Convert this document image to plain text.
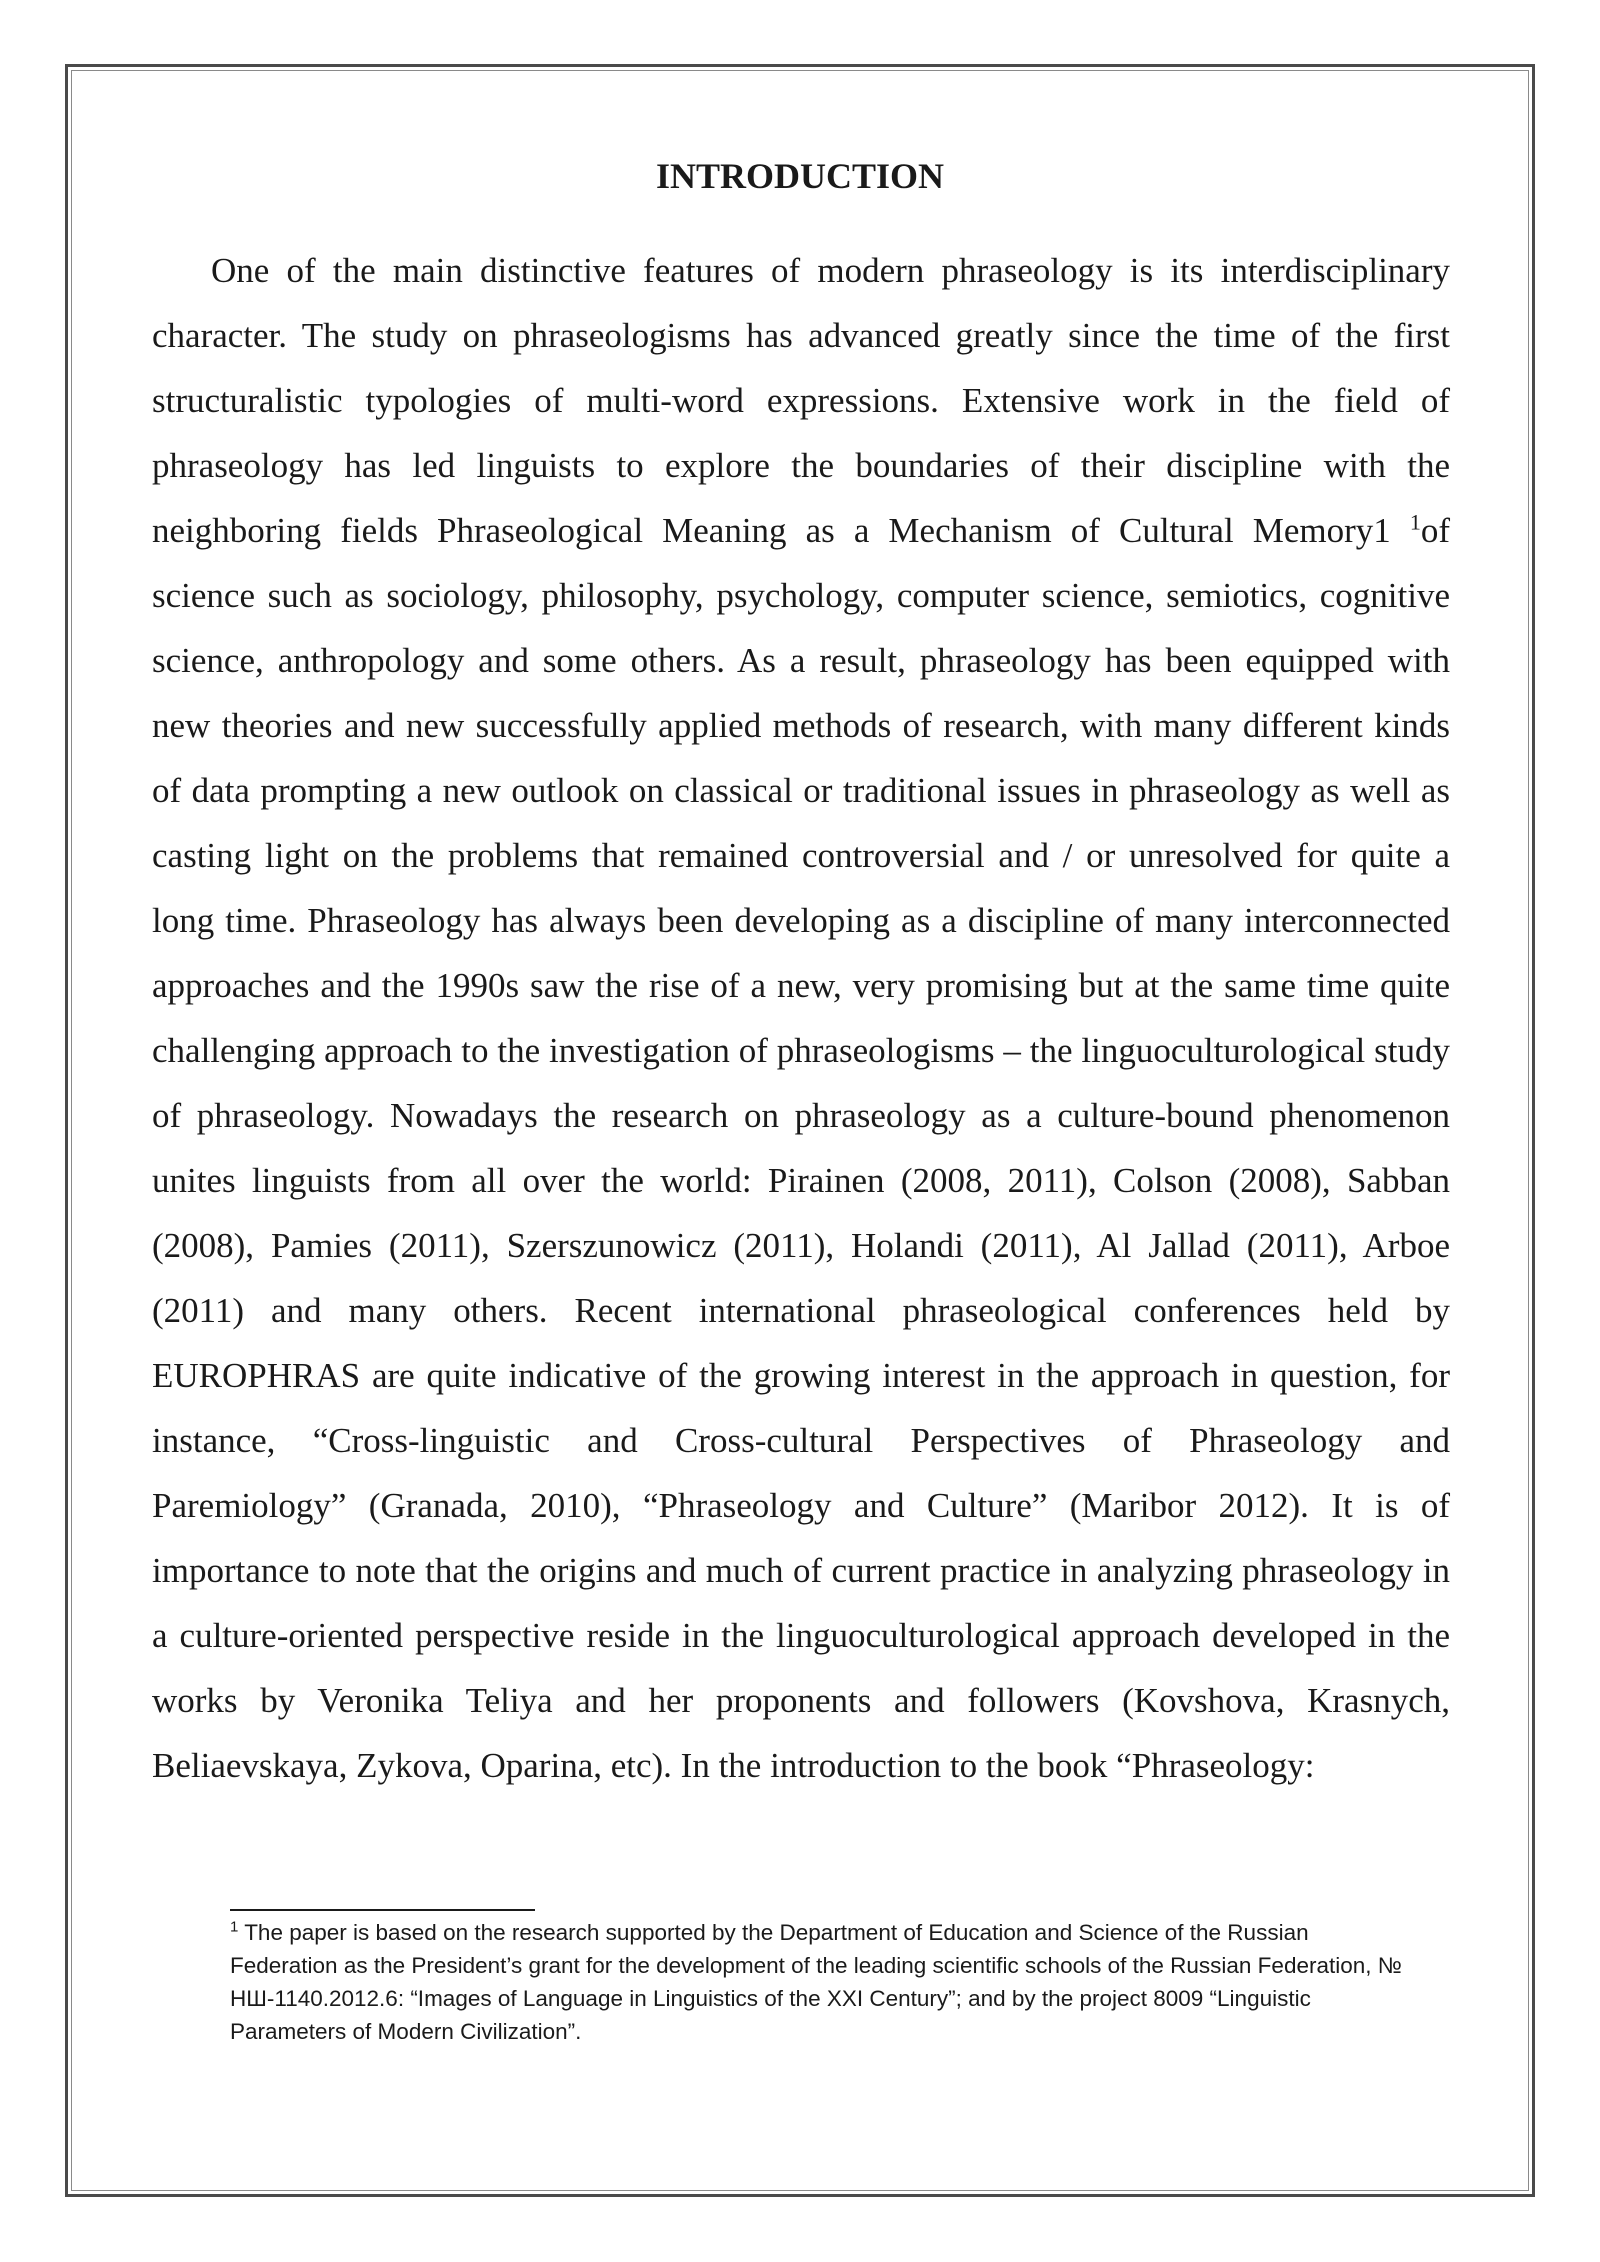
INTRODUCTION

One of the main distinctive features of modern phraseology is its interdisciplinary character. The study on phraseologisms has advanced greatly since the time of the first structuralistic typologies of multi-word expressions. Extensive work in the field of phraseology has led linguists to explore the boundaries of their discipline with the neighboring fields Phraseological Meaning as a Mechanism of Cultural Memory1 $^1$of science such as sociology, philosophy, psychology, computer science, semiotics, cognitive science, anthropology and some others. As a result, phraseology has been equipped with new theories and new successfully applied methods of research, with many different kinds of data prompting a new outlook on classical or traditional issues in phraseology as well as casting light on the problems that remained controversial and / or unresolved for quite a long time. Phraseology has always been developing as a discipline of many interconnected approaches and the 1990s saw the rise of a new, very promising but at the same time quite challenging approach to the investigation of phraseologisms – the linguoculturological study of phraseology. Nowadays the research on phraseology as a culture-bound phenomenon unites linguists from all over the world: Pirainen (2008, 2011), Colson (2008), Sabban (2008), Pamies (2011), Szerszunowicz (2011), Holandi (2011), Al Jallad (2011), Arboe (2011) and many others. Recent international phraseological conferences held by EUROPHRAS are quite indicative of the growing interest in the approach in question, for instance, “Cross-linguistic and Cross-cultural Perspectives of Phraseology and Paremiology” (Granada, 2010), “Phraseology and Culture” (Maribor 2012). It is of importance to note that the origins and much of current practice in analyzing phraseology in a culture-oriented perspective reside in the linguoculturological approach developed in the works by Veronika Teliya and her proponents and followers (Kovshova, Krasnych, Beliaevskaya, Zykova, Oparina, etc). In the introduction to the book “Phraseology:

$^1$ The paper is based on the research supported by the Department of Education and Science of the Russian Federation as the President’s grant for the development of the leading scientific schools of the Russian Federation, № НШ-1140.2012.6: “Images of Language in Linguistics of the XXI Century”; and by the project 8009 “Linguistic Parameters of Modern Civilization”.
